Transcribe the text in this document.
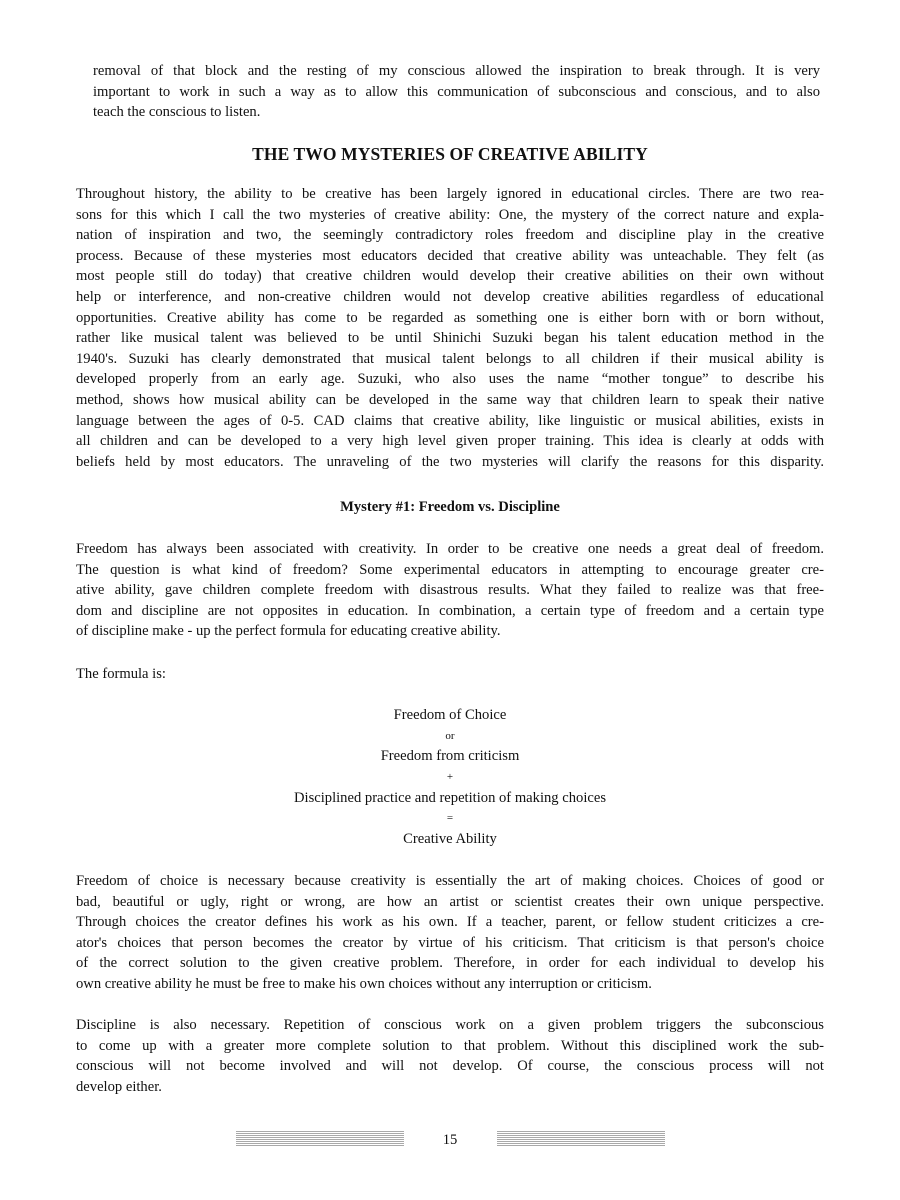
removal of that block and the resting of my conscious allowed the inspiration to break through. It is very
important to work in such a way as to allow this communication of subconscious and conscious, and to also
teach the conscious to listen.

THE TWO MYSTERIES OF CREATIVE ABILITY

Throughout history, the ability to be creative has been largely ignored in educational circles. There are two rea-
sons for this which I call the two mysteries of creative ability: One, the mystery of the correct nature and expla-
nation of inspiration and two, the seemingly contradictory roles freedom and discipline play in the creative
process. Because of these mysteries most educators decided that creative ability was unteachable. They felt (as
most people still do today) that creative children would develop their creative abilities on their own without
help or interference, and non-creative children would not develop creative abilities regardless of educational
opportunities. Creative ability has come to be regarded as something one is either born with or born without,
rather like musical talent was believed to be until Shinichi Suzuki began his talent education method in the
1940's. Suzuki has clearly demonstrated that musical talent belongs to all children if their musical ability is
developed properly from an early age. Suzuki, who also uses the name “mother tongue” to describe his
method, shows how musical ability can be developed in the same way that children learn to speak their native
language between the ages of 0-5. CAD claims that creative ability, like linguistic or musical abilities, exists in
all children and can be developed to a very high level given proper training. This idea is clearly at odds with
beliefs held by most educators. The unraveling of the two mysteries will clarify the reasons for this disparity.

Mystery #1: Freedom vs. Discipline

Freedom has always been associated with creativity. In order to be creative one needs a great deal of freedom.
The question is what kind of freedom? Some experimental educators in attempting to encourage greater cre-
ative ability, gave children complete freedom with disastrous results. What they failed to realize was that free-
dom and discipline are not opposites in education. In combination, a certain type of freedom and a certain type
of discipline make - up the perfect formula for educating creative ability.

The formula is:

Freedom of Choice
or
Freedom from criticism
+
Disciplined practice and repetition of making choices
=
Creative Ability

Freedom of choice is necessary because creativity is essentially the art of making choices. Choices of good or
bad, beautiful or ugly, right or wrong, are how an artist or scientist creates their own unique perspective.
Through choices the creator defines his work as his own. If a teacher, parent, or fellow student criticizes a cre-
ator's choices that person becomes the creator by virtue of his criticism. That criticism is that person's choice
of the correct solution to the given creative problem. Therefore, in order for each individual to develop his
own creative ability he must be free to make his own choices without any interruption or criticism.

Discipline is also necessary. Repetition of conscious work on a given problem triggers the subconscious
to come up with a greater more complete solution to that problem. Without this disciplined work the sub-
conscious will not become involved and will not develop. Of course, the conscious process will not
develop either.

15
